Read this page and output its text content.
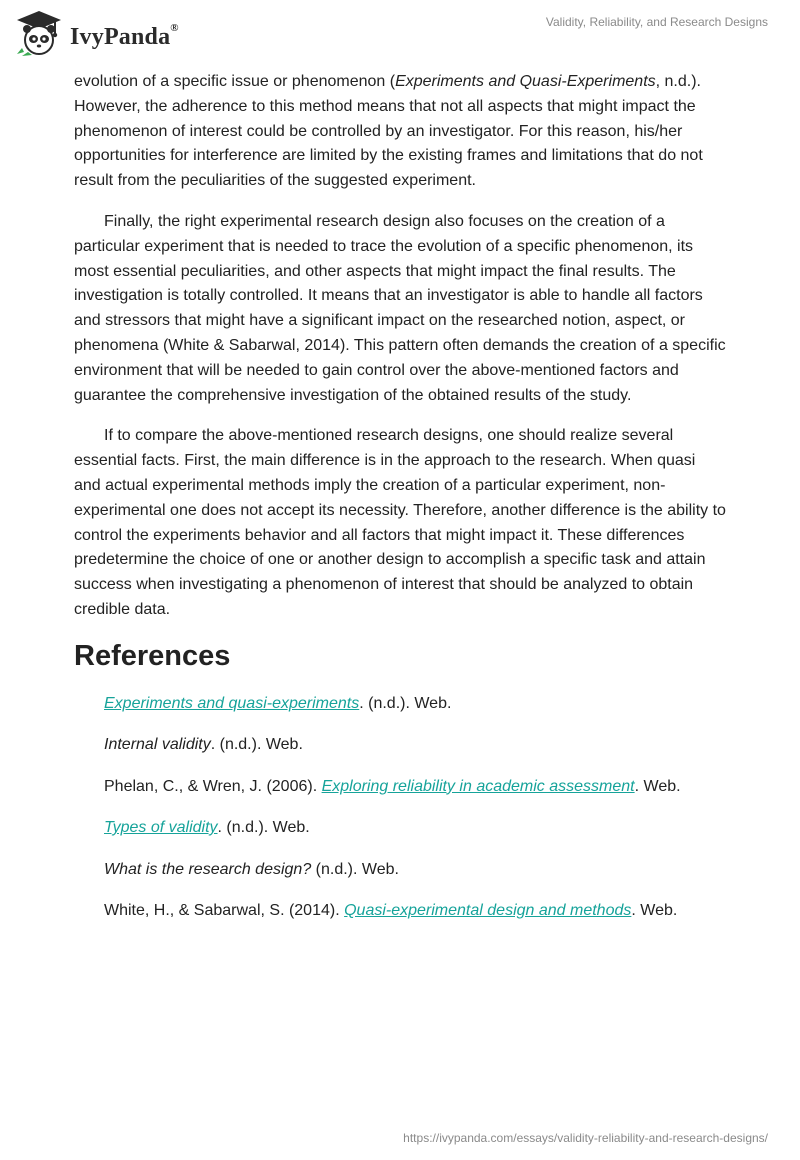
IvyPanda®	Validity, Reliability, and Research Designs

evolution of a specific issue or phenomenon (Experiments and Quasi-Experiments, n.d.). However, the adherence to this method means that not all aspects that might impact the phenomenon of interest could be controlled by an investigator. For this reason, his/her opportunities for interference are limited by the existing frames and limitations that do not result from the peculiarities of the suggested experiment.

Finally, the right experimental research design also focuses on the creation of a particular experiment that is needed to trace the evolution of a specific phenomenon, its most essential peculiarities, and other aspects that might impact the final results. The investigation is totally controlled. It means that an investigator is able to handle all factors and stressors that might have a significant impact on the researched notion, aspect, or phenomena (White & Sabarwal, 2014). This pattern often demands the creation of a specific environment that will be needed to gain control over the above-mentioned factors and guarantee the comprehensive investigation of the obtained results of the study.

If to compare the above-mentioned research designs, one should realize several essential facts. First, the main difference is in the approach to the research. When quasi and actual experimental methods imply the creation of a particular experiment, non-experimental one does not accept its necessity. Therefore, another difference is the ability to control the experiments behavior and all factors that might impact it. These differences predetermine the choice of one or another design to accomplish a specific task and attain success when investigating a phenomenon of interest that should be analyzed to obtain credible data.

References

Experiments and quasi-experiments. (n.d.). Web.

Internal validity. (n.d.). Web.

Phelan, C., & Wren, J. (2006). Exploring reliability in academic assessment. Web.

Types of validity. (n.d.). Web.

What is the research design? (n.d.). Web.

White, H., & Sabarwal, S. (2014). Quasi-experimental design and methods. Web.

https://ivypanda.com/essays/validity-reliability-and-research-designs/
